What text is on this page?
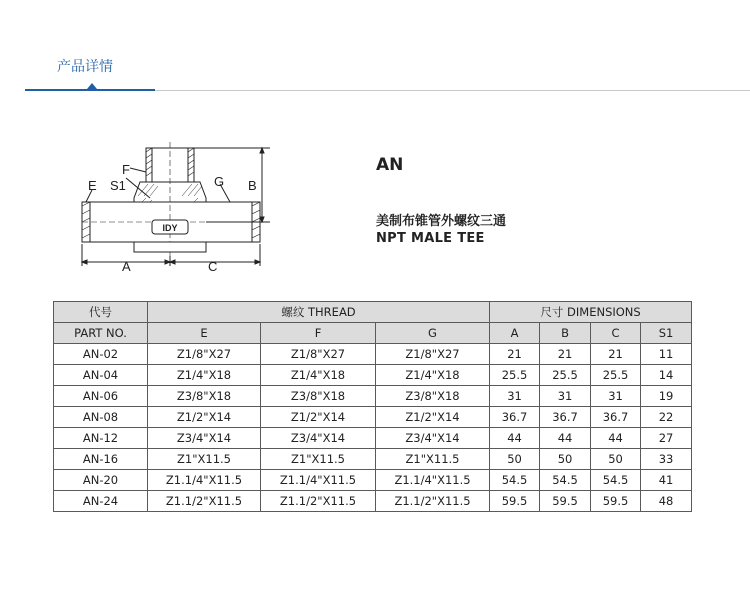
产品详情
IDY
E
F
S1	G B
A	C
AN
美制布锥管外螺纹三通
NPT MALE TEE
代号	螺纹 THREAD			尺寸 DIMENSIONS			
PART NO.	E	F	G	A	B	C	S1
AN-02	Z1/8"X27	Z1/8"X27	Z1/8"X27	21	21	21	11
AN-04	Z1/4"X18	Z1/4"X18	Z1/4"X18	25.5	25.5	25.5	14
AN-06	Z3/8"X18	Z3/8"X18	Z3/8"X18	31	31	31	19
AN-08	Z1/2"X14	Z1/2"X14	Z1/2"X14	36.7	36.7	36.7	22
AN-12	Z3/4"X14	Z3/4"X14	Z3/4"X14	44	44	44	27
AN-16	Z1"X11.5	Z1"X11.5	Z1"X11.5	50	50	50	33
AN-20	Z1.1/4"X11.5	Z1.1/4"X11.5	Z1.1/4"X11.5	54.5	54.5	54.5	41
AN-24	Z1.1/2"X11.5	Z1.1/2"X11.5	Z1.1/2"X11.5	59.5	59.5	59.5	48
